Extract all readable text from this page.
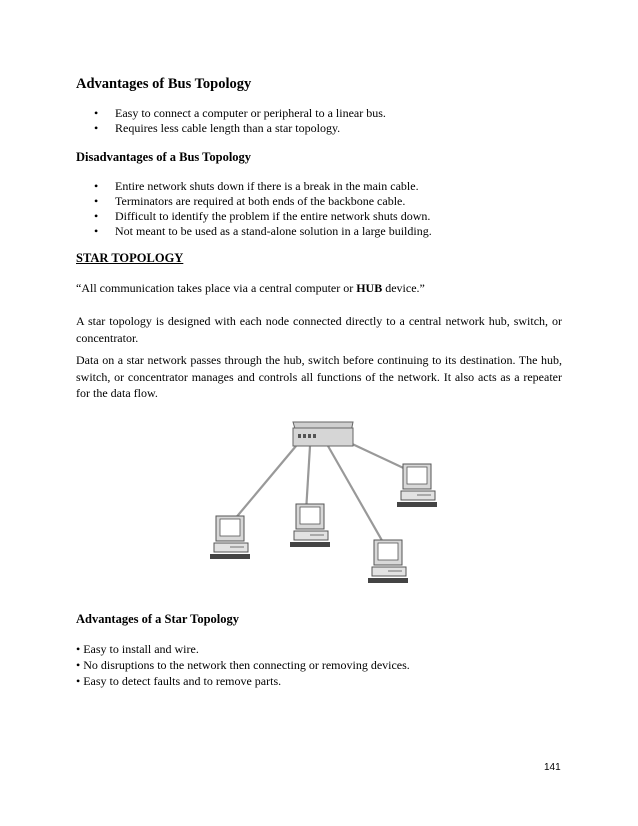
Advantages of Bus Topology
• Easy to connect a computer or peripheral to a linear bus.
• Requires less cable length than a star topology.
Disadvantages of a Bus Topology
• Entire network shuts down if there is a break in the main cable.
• Terminators are required at both ends of the backbone cable.
• Difficult to identify the problem if the entire network shuts down.
• Not meant to be used as a stand-alone solution in a large building.
STAR TOPOLOGY
“All communication takes place via a central computer or HUB device.”

A star topology is designed with each node connected directly to a central network hub, switch, or concentrator.

Data on a star network passes through the hub, switch before continuing to its destination. The hub, switch, or concentrator manages and controls all functions of the network. It also acts as a repeater for the data flow.

Advantages of a Star Topology
• Easy to install and wire.
• No disruptions to the network then connecting or removing devices.
• Easy to detect faults and to remove parts.
141
